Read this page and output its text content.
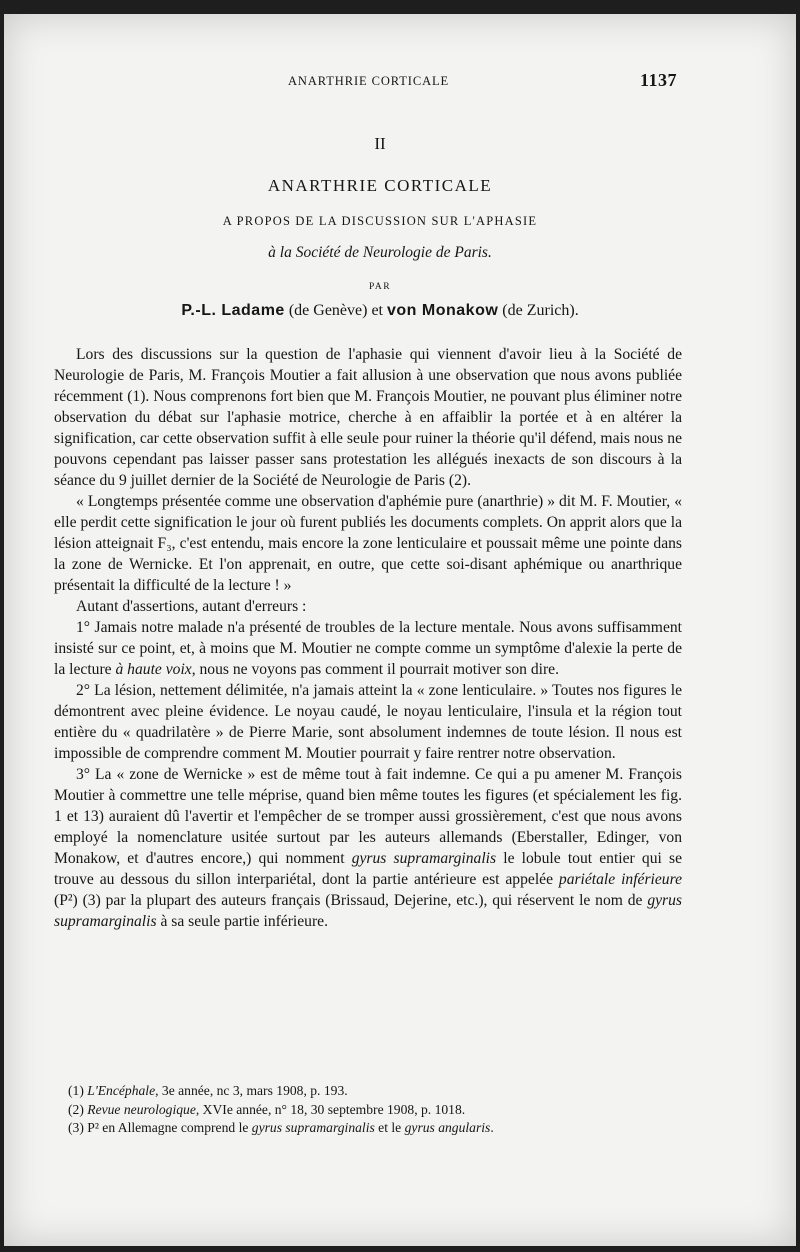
ANARTHRIE CORTICALE	1137
II
ANARTHRIE CORTICALE
A PROPOS DE LA DISCUSSION SUR L'APHASIE
à la Société de Neurologie de Paris.
PAR
P.-L. Ladame (de Genève) et von Monakow (de Zurich).

Lors des discussions sur la question de l'aphasie qui viennent d'avoir lieu à la Société de Neurologie de Paris, M. François Moutier a fait allusion à une observation que nous avons publiée récemment (1). Nous comprenons fort bien que M. François Moutier, ne pouvant plus éliminer notre observation du débat sur l'aphasie motrice, cherche à en affaiblir la portée et à en altérer la signification, car cette observation suffit à elle seule pour ruiner la théorie qu'il défend, mais nous ne pouvons cependant pas laisser passer sans protestation les allégués inexacts de son discours à la séance du 9 juillet dernier de la Société de Neurologie de Paris (2).

« Longtemps présentée comme une observation d'aphémie pure (anarthrie) » dit M. F. Moutier, « elle perdit cette signification le jour où furent publiés les documents complets. On apprit alors que la lésion atteignait F₃, c'est entendu, mais encore la zone lenticulaire et poussait même une pointe dans la zone de Wernicke. Et l'on apprenait, en outre, que cette soi-disant aphémique ou anarthrique présentait la difficulté de la lecture ! »

Autant d'assertions, autant d'erreurs :

1° Jamais notre malade n'a présenté de troubles de la lecture mentale. Nous avons suffisamment insisté sur ce point, et, à moins que M. Moutier ne compte comme un symptôme d'alexie la perte de la lecture à haute voix, nous ne voyons pas comment il pourrait motiver son dire.

2° La lésion, nettement délimitée, n'a jamais atteint la « zone lenticulaire. » Toutes nos figures le démontrent avec pleine évidence. Le noyau caudé, le noyau lenticulaire, l'insula et la région tout entière du « quadrilatère » de Pierre Marie, sont absolument indemnes de toute lésion. Il nous est impossible de comprendre comment M. Moutier pourrait y faire rentrer notre observation.

3° La « zone de Wernicke » est de même tout à fait indemne. Ce qui a pu amener M. François Moutier à commettre une telle méprise, quand bien même toutes les figures (et spécialement les fig. 1 et 13) auraient dû l'avertir et l'empêcher de se tromper aussi grossièrement, c'est que nous avons employé la nomenclature usitée surtout par les auteurs allemands (Eberstaller, Edinger, von Monakow, et d'autres encore,) qui nomment gyrus supramarginalis le lobule tout entier qui se trouve au dessous du sillon interpariétal, dont la partie antérieure est appelée pariétale inférieure (P²) (3) par la plupart des auteurs français (Brissaud, Dejerine, etc.), qui réservent le nom de gyrus supramarginalis à sa seule partie inférieure.

(1) L'Encéphale, 3e année, nc 3, mars 1908, p. 193.
(2) Revue neurologique, XVIe année, n° 18, 30 septembre 1908, p. 1018.
(3) P² en Allemagne comprend le gyrus supramarginalis et le gyrus angularis.
